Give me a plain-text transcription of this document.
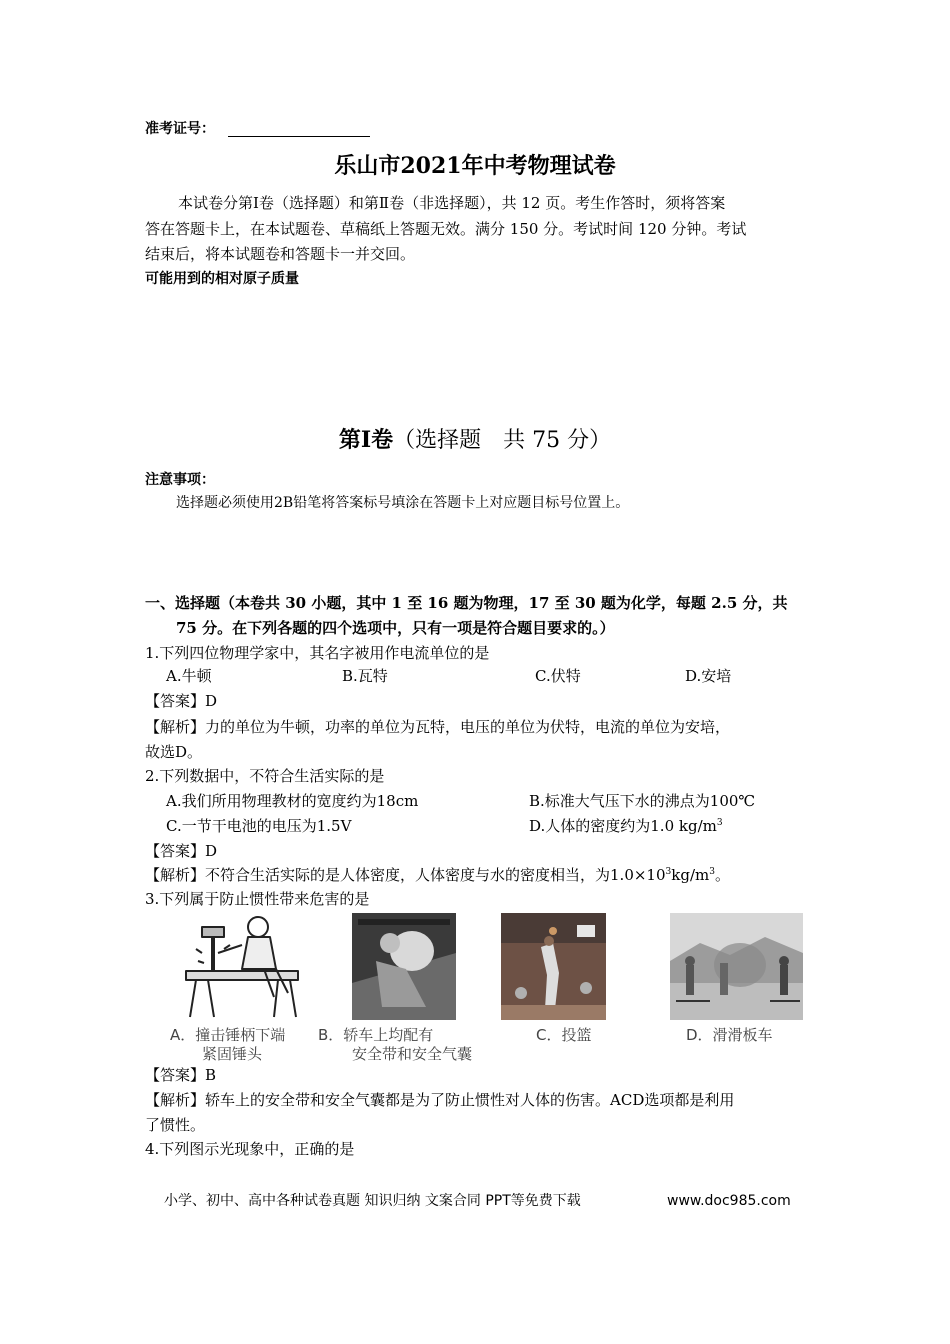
准考证号：
乐山市2021年中考物理试卷
本试卷分第Ⅰ卷（选择题）和第Ⅱ卷（非选择题），共 12 页。考生作答时，须将答案
答在答题卡上，在本试题卷、草稿纸上答题无效。满分 150 分。考试时间 120 分钟。考试
结束后，将本试题卷和答题卡一并交回。
可能用到的相对原子质量
第Ⅰ卷（选择题　共 75 分）
注意事项：
选择题必须使用2B铅笔将答案标号填涂在答题卡上对应题目标号位置上。
一、选择题（本卷共 30 小题，其中 1 至 16 题为物理，17 至 30 题为化学，每题 2.5 分，共
75 分。在下列各题的四个选项中，只有一项是符合题目要求的。）
1.下列四位物理学家中，其名字被用作电流单位的是
A.牛顿	B.瓦特	C.伏特	D.安培
【答案】D
【解析】力的单位为牛顿，功率的单位为瓦特，电压的单位为伏特，电流的单位为安培，
故选D。
2.下列数据中，不符合生活实际的是
A.我们所用物理教材的宽度约为18cm	B.标准大气压下水的沸点为100℃
C.一节干电池的电压为1.5V	D.人体的密度约为1.0 $kg/m^3$
【答案】D
【解析】不符合生活实际的是人体密度，人体密度与水的密度相当，为$1.0\times 10^3kg/m^3$。
3.下列属于防止惯性带来危害的是
A．撞击锤柄下端
紧固锤头
B．轿车上均配有
安全带和安全气囊
C．投篮	D．滑滑板车
【答案】B
【解析】轿车上的安全带和安全气囊都是为了防止惯性对人体的伤害。ACD选项都是利用
了惯性。
4.下列图示光现象中，正确的是
小学、初中、高中各种试卷真题 知识归纳 文案合同 PPT等免费下载	www.doc985.com
